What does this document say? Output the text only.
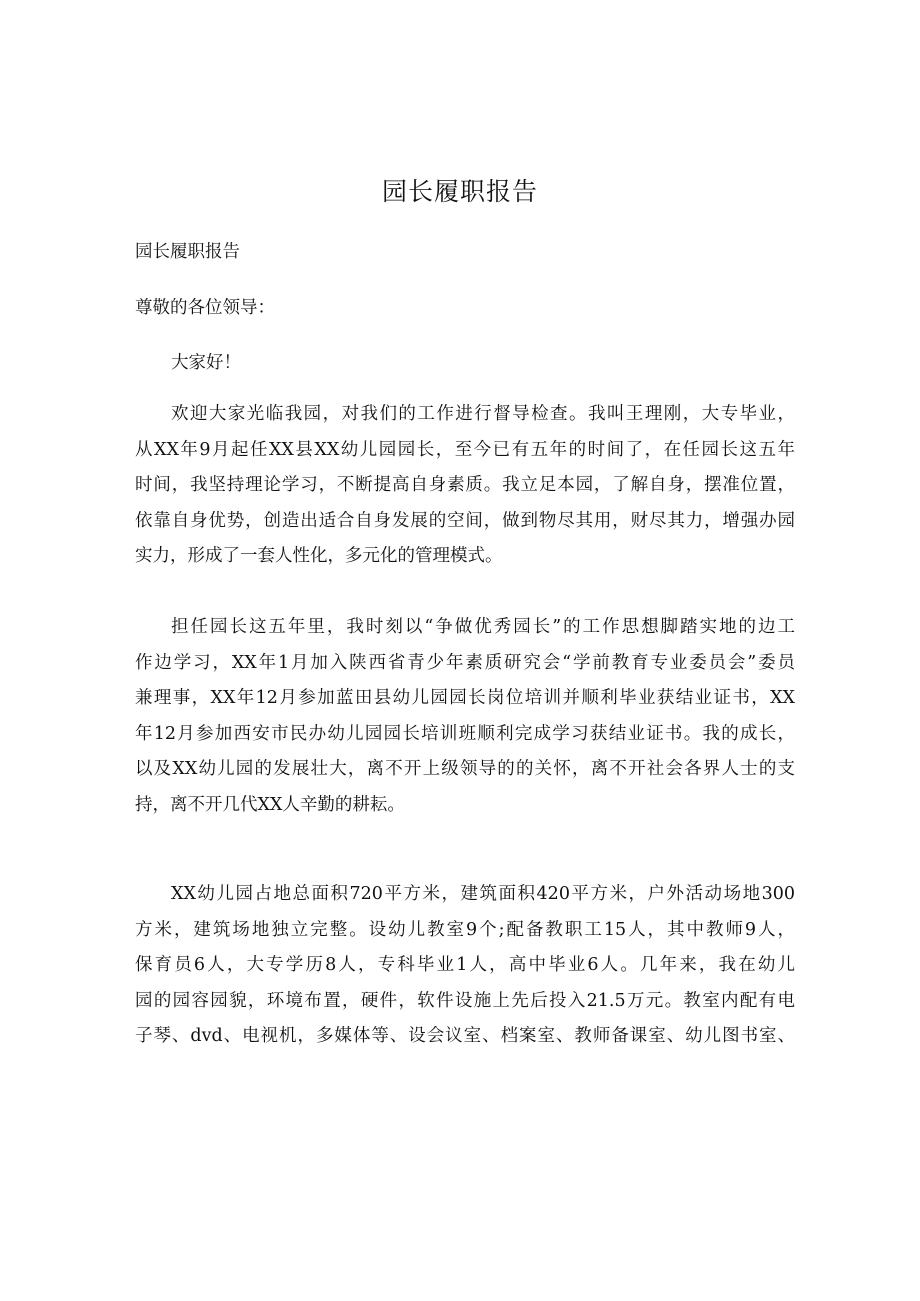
园长履职报告
园长履职报告
尊敬的各位领导：
大家好！
欢迎大家光临我园，对我们的工作进行督导检查。我叫王理刚，大专毕业，
从XX年9月起任XX县XX幼儿园园长，至今已有五年的时间了，在任园长这五年
时间，我坚持理论学习，不断提高自身素质。我立足本园，了解自身，摆准位置，
依靠自身优势，创造出适合自身发展的空间，做到物尽其用，财尽其力，增强办园
实力，形成了一套人性化，多元化的管理模式。
担任园长这五年里，我时刻以“争做优秀园长”的工作思想脚踏实地的边工
作边学习，XX年1月加入陕西省青少年素质研究会“学前教育专业委员会”委员
兼理事，XX年12月参加蓝田县幼儿园园长岗位培训并顺利毕业获结业证书，XX
年12月参加西安市民办幼儿园园长培训班顺利完成学习获结业证书。我的成长，
以及XX幼儿园的发展壮大，离不开上级领导的的关怀，离不开社会各界人士的支
持，离不开几代XX人辛勤的耕耘。
XX幼儿园占地总面积720平方米，建筑面积420平方米，户外活动场地300
方米，建筑场地独立完整。设幼儿教室9个;配备教职工15人，其中教师9人，
保育员6人，大专学历8人，专科毕业1人，高中毕业6人。几年来，我在幼儿
园的园容园貌，环境布置，硬件，软件设施上先后投入21.5万元。教室内配有电
子琴、dvd、电视机，多媒体等、设会议室、档案室、教师备课室、幼儿图书室、
